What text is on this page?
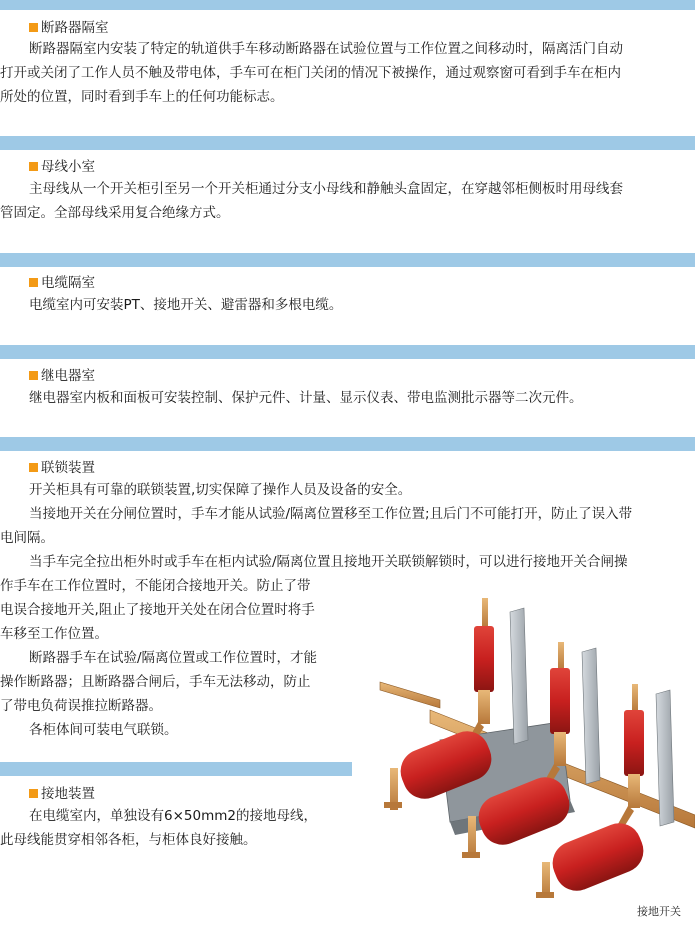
断路器隔室
断路器隔室内安装了特定的轨道供手车移动断路器在试验位置与工作位置之间移动时，隔离活门自动
打开或关闭了工作人员不触及带电体，手车可在柜门关闭的情况下被操作，通过观察窗可看到手车在柜内
所处的位置，同时看到手车上的任何功能标志。
母线小室
主母线从一个开关柜引至另一个开关柜通过分支小母线和静触头盒固定，在穿越邻柜侧板时用母线套
管固定。全部母线采用复合绝缘方式。
电缆隔室
电缆室内可安装PT、接地开关、避雷器和多根电缆。
继电器室
继电器室内板和面板可安装控制、保护元件、计量、显示仪表、带电监测批示器等二次元件。
联锁装置
开关柜具有可靠的联锁装置,切实保障了操作人员及设备的安全。
当接地开关在分闸位置时，手车才能从试验/隔离位置移至工作位置;且后门不可能打开，防止了误入带
电间隔。
当手车完全拉出柜外时或手车在柜内试验/隔离位置且接地开关联锁解锁时，可以进行接地开关合闸操
作手车在工作位置时，不能闭合接地开关。防止了带
电误合接地开关,阻止了接地开关处在闭合位置时将手
车移至工作位置。
断路器手车在试验/隔离位置或工作位置时，才能
操作断路器；且断路器合闸后，手车无法移动，防止
了带电负荷误推拉断路器。
各柜体间可装电气联锁。
接地装置
在电缆室内，单独设有6×50mm2的接地母线，
此母线能贯穿相邻各柜，与柜体良好接触。
接地开关
